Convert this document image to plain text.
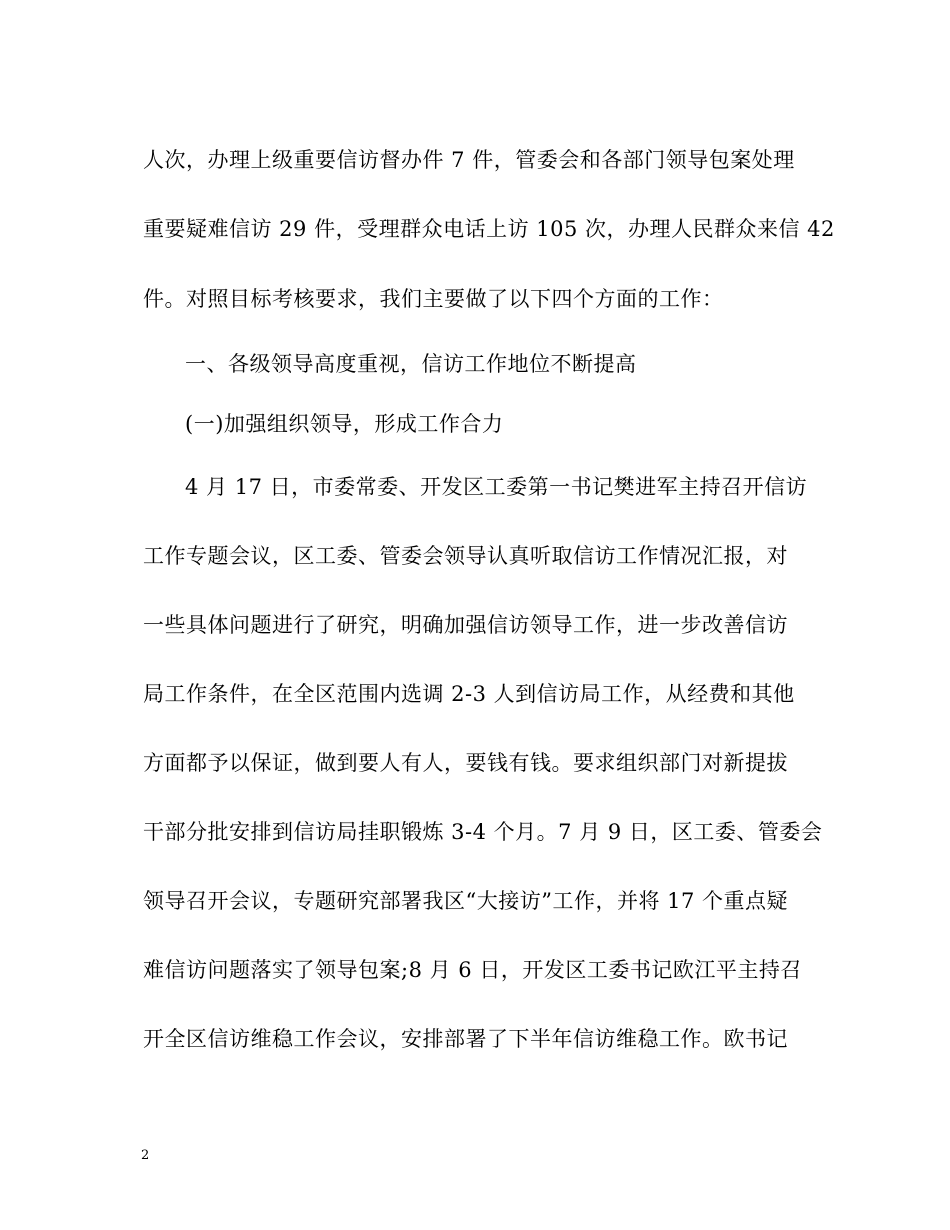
人次，办理上级重要信访督办件 7 件，管委会和各部门领导包案处理
重要疑难信访 29 件，受理群众电话上访 105 次，办理人民群众来信 42
件。对照目标考核要求，我们主要做了以下四个方面的工作：
一、各级领导高度重视，信访工作地位不断提高
(一)加强组织领导，形成工作合力
4 月 17 日，市委常委、开发区工委第一书记樊进军主持召开信访
工作专题会议，区工委、管委会领导认真听取信访工作情况汇报，对
一些具体问题进行了研究，明确加强信访领导工作，进一步改善信访
局工作条件，在全区范围内选调 2-3 人到信访局工作，从经费和其他
方面都予以保证，做到要人有人，要钱有钱。要求组织部门对新提拔
干部分批安排到信访局挂职锻炼 3-4 个月。7 月 9 日，区工委、管委会
领导召开会议，专题研究部署我区“大接访”工作，并将 17 个重点疑
难信访问题落实了领导包案;8 月 6 日，开发区工委书记欧江平主持召
开全区信访维稳工作会议，安排部署了下半年信访维稳工作。欧书记
2
